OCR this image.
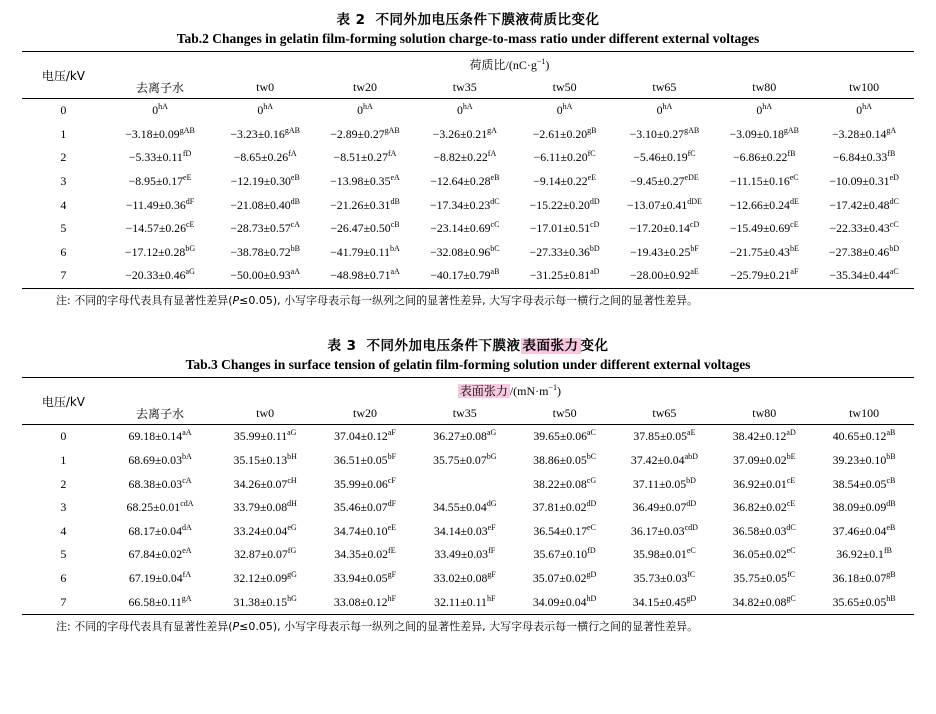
表 2 不同外加电压条件下膜液荷质比变化
Tab.2 Changes in gelatin film-forming solution charge-to-mass ratio under different external voltages
电压/kV	荷质比$/(nC\cdot g^{-1})$							
	去离子水	tw0	tw20	tw35	tw50	tw65	tw80	tw100
0	$0^{hA}$	$0^{hA}$	$0^{hA}$	$0^{hA}$	$0^{hA}$	$0^{hA}$	$0^{hA}$	$0^{hA}$
1	$-3.18\pm 0.09^{gAB}$	$-3.23\pm 0.16^{gAB}$	$-2.89\pm 0.27^{gAB}$	$-3.26\pm 0.21^{gA}$	$-2.61\pm 0.20^{gB}$	$-3.10\pm 0.27^{gAB}$	$-3.09\pm 0.18^{gAB}$	$-3.28\pm 0.14^{gA}$
2	$-5.33\pm 0.11^{fD}$	$-8.65\pm 0.26^{fA}$	$-8.51\pm 0.27^{fA}$	$-8.82\pm 0.22^{fA}$	$-6.11\pm 0.20^{fC}$	$-5.46\pm 0.19^{fC}$	$-6.86\pm 0.22^{fB}$	$-6.84\pm 0.33^{fB}$
3	$-8.95\pm 0.17^{eE}$	$-12.19\pm 0.30^{eB}$	$-13.98\pm 0.35^{eA}$	$-12.64\pm 0.28^{eB}$	$-9.14\pm 0.22^{eE}$	$-9.45\pm 0.27^{eDE}$	$-11.15\pm 0.16^{eC}$	$-10.09\pm 0.31^{eD}$
4	$-11.49\pm 0.36^{dF}$	$-21.08\pm 0.40^{dB}$	$-21.26\pm 0.31^{dB}$	$-17.34\pm 0.23^{dC}$	$-15.22\pm 0.20^{dD}$	$-13.07\pm 0.41^{dDE}$	−12.66±0.24dE	$-17.42\pm 0.48^{dC}$
5	$-14.57\pm 0.26^{cE}$	$-28.73\pm 0.57^{cA}$	$-26.47\pm 0.50^{cB}$	$-23.14\pm 0.69^{cC}$	$-17.01\pm 0.51^{cD}$	$-17.20\pm 0.14^{cD}$	$-15.49\pm 0.69^{cE}$	$-22.33\pm 0.43^{cC}$
6	$-17.12\pm 0.28^{bG}$	$-38.78\pm 0.72^{bB}$	$-41.79\pm 0.11^{bA}$	$-32.08\pm 0.96^{bC}$	$-27.33\pm 0.36^{bD}$	$-19.43\pm 0.25^{bF}$	$-21.75\pm 0.43^{bE}$	$-27.38\pm 0.46^{bD}$
7	$-20.33\pm 0.46^{aG}$	$-50.00\pm 0.93^{aA}$	$-48.98\pm 0.71^{aA}$	$-40.17\pm 0.79^{aB}$	$-31.25\pm 0.81^{aD}$	$-28.00\pm 0.92^{aE}$	$-25.79\pm 0.21^{aF}$	$-35.34\pm 0.44^{aC}$
注: 不同的字母代表具有显著性差异(P≤0.05), 小写字母表示每一纵列之间的显著性差异, 大写字母表示每一横行之间的显著性差异。
表 3 不同外加电压条件下膜液 表面张力 变化
Tab.3 Changes in surface tension of gelatin film-forming solution under different external voltages
电压/kV	表面张力 $/(mN\cdot m^{-1})$							
	去离子水	tw0	tw20	tw35	tw50	tw65	tw80	tw100
0	$69.18\pm 0.14^{aA}$	$35.99\pm 0.11^{aG}$	$37.04\pm 0.12^{aF}$	$36.27\pm 0.08^{aG}$	$39.65\pm 0.06^{aC}$	$37.85\pm 0.05^{aE}$	$38.42\pm 0.12^{aD}$	$40.65\pm 0.12^{aB}$
1	$68.69\pm 0.03^{bA}$	$35.15\pm 0.13^{bH}$	$36.51\pm 0.05^{bF}$	$35.75\pm 0.07^{bG}$	$38.86\pm 0.05^{bC}$	$37.42\pm 0.04^{abD}$	$37.09\pm 0.02^{bE}$	$39.23\pm 0.10^{bB}$
2	$68.38\pm 0.03^{cA}$	$34.26\pm 0.07^{cH}$	$35.99\pm 0.06^{cF}$		$38.22\pm 0.08^{cG}$	$37.11\pm 0.05^{bD}$	$36.92\pm 0.01^{cE}$	$38.54\pm 0.05^{cB}$
3	$68.25\pm 0.01^{cdA}$	$33.79\pm 0.08^{dH}$	$35.46\pm 0.07^{dF}$	$34.55\pm 0.04^{dG}$	$37.81\pm 0.02^{dD}$	$36.49\pm 0.07^{dD}$	$36.82\pm 0.02^{cE}$	$38.09\pm 0.09^{dB}$
4	$68.17\pm 0.04^{dA}$	$33.24\pm 0.04^{eG}$	$34.74\pm 0.10^{eE}$	$34.14\pm 0.03^{eF}$	$36.54\pm 0.17^{eC}$	$36.17\pm 0.03^{cdD}$	$36.58\pm 0.03^{dC}$	$37.46\pm 0.04^{eB}$
5	$67.84\pm 0.02^{eA}$	$32.87\pm 0.07^{fG}$	$34.35\pm 0.02^{fE}$	$33.49\pm 0.03^{fF}$	$35.67\pm 0.10^{fD}$	$35.98\pm 0.01^{eC}$	$36.05\pm 0.02^{eC}$	$36.92\pm 0.1^{fB}$
6	$67.19\pm 0.04^{fA}$	$32.12\pm 0.09^{gG}$	$33.94\pm 0.05^{gF}$	$33.02\pm 0.08^{gF}$	$35.07\pm 0.02^{gD}$	$35.73\pm 0.03^{fC}$	$35.75\pm 0.05^{fC}$	$36.18\pm 0.07^{gB}$
7	$66.58\pm 0.11^{gA}$	$31.38\pm 0.15^{hG}$	$33.08\pm 0.12^{hF}$	$32.11\pm 0.11^{hF}$	$34.09\pm 0.04^{hD}$	$34.15\pm 0.45^{gD}$	$34.82\pm 0.08^{gC}$	$35.65\pm 0.05^{hB}$
注: 不同的字母代表具有显著性差异(P≤0.05), 小写字母表示每一纵列之间的显著性差异, 大写字母表示每一横行之间的显著性差异。
